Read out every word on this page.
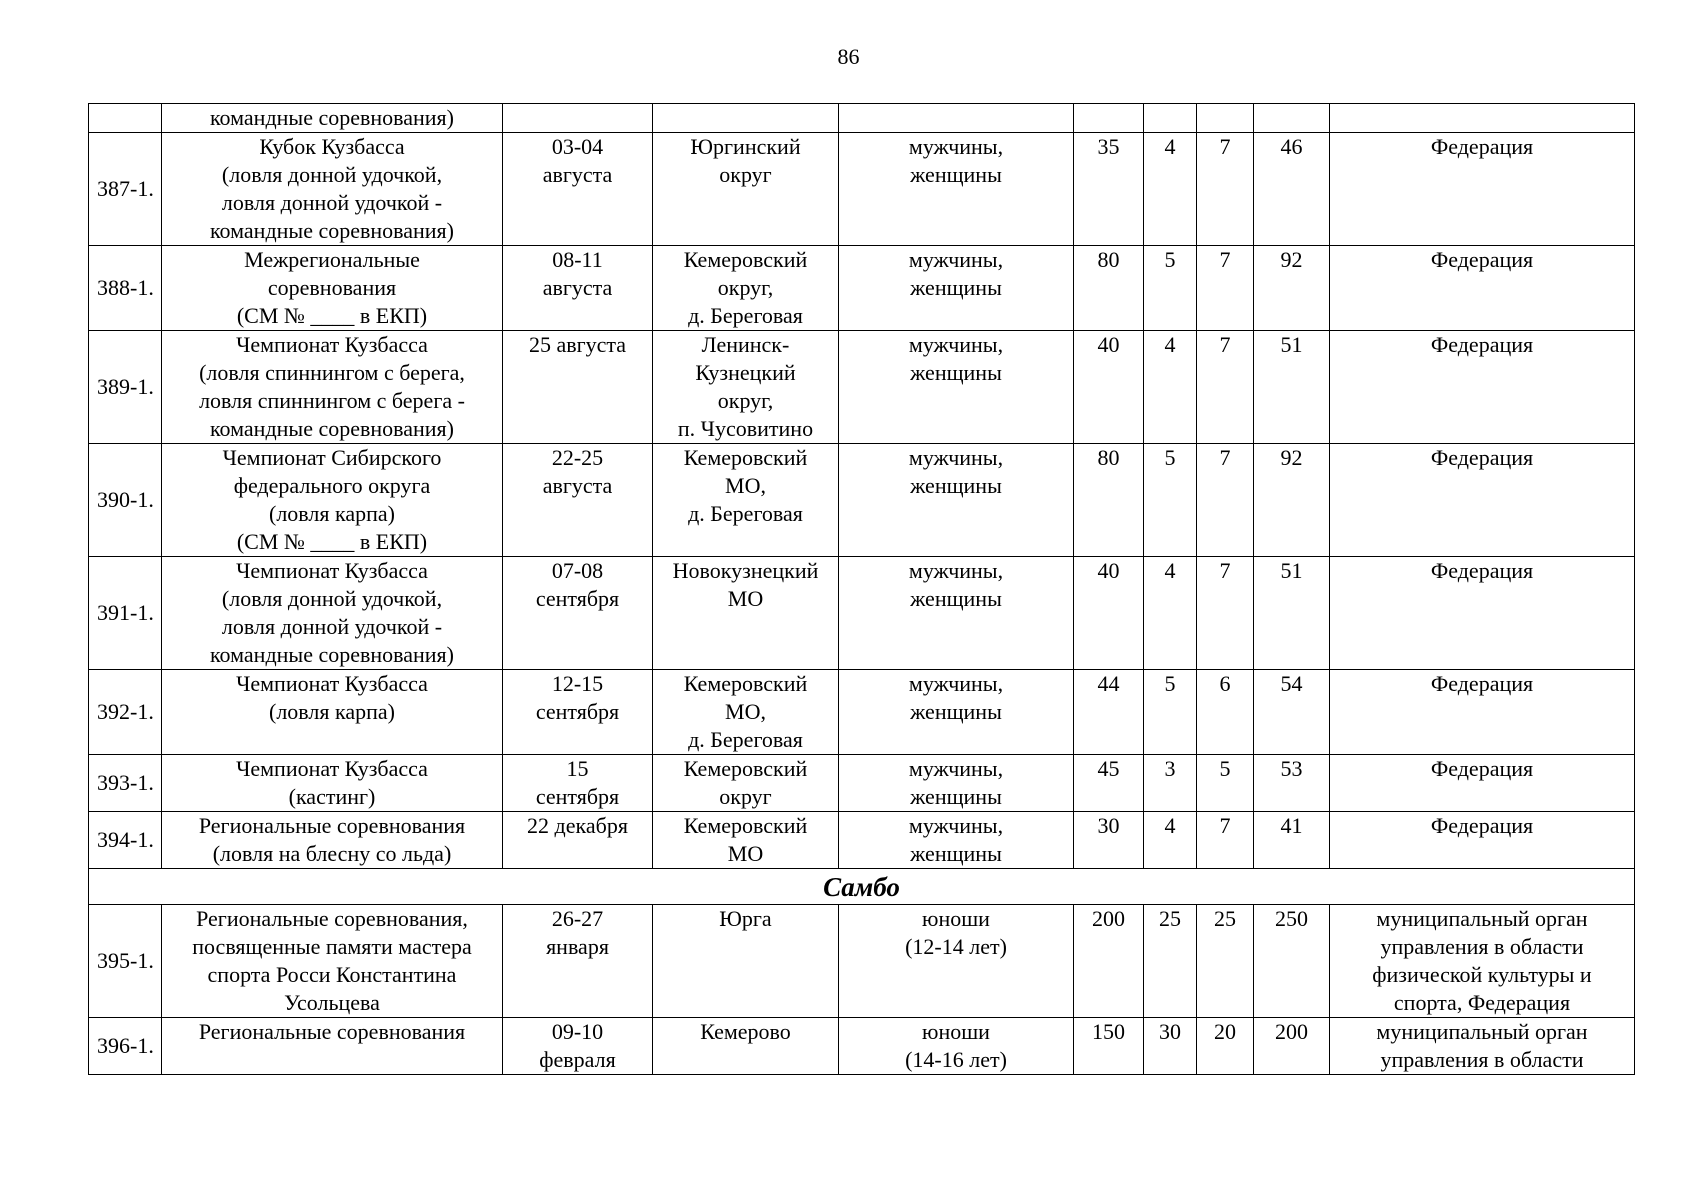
86
	командные соревнования)								
387-1.	Кубок Кузбасса
(ловля донной удочкой,
ловля донной удочкой -
командные соревнования)	03-04
августа	Юргинский
округ	мужчины,
женщины	35	4	7	46	Федерация
388-1.	Межрегиональные
соревнования
(СМ № ____ в ЕКП)	08-11
августа	Кемеровский
округ,
д. Береговая	мужчины,
женщины	80	5	7	92	Федерация
389-1.	Чемпионат Кузбасса
(ловля спиннингом с берега,
ловля спиннингом с берега -
командные соревнования)	25 августа	Ленинск-
Кузнецкий
округ,
п. Чусовитино	мужчины,
женщины	40	4	7	51	Федерация
390-1.	Чемпионат Сибирского
федерального округа
(ловля карпа)
(СМ № ____ в ЕКП)	22-25
августа	Кемеровский
МО,
д. Береговая	мужчины,
женщины	80	5	7	92	Федерация
391-1.	Чемпионат Кузбасса
(ловля донной удочкой,
ловля донной удочкой -
командные соревнования)	07-08
сентября	Новокузнецкий
МО	мужчины,
женщины	40	4	7	51	Федерация
392-1.	Чемпионат Кузбасса
(ловля карпа)	12-15
сентября	Кемеровский
МО,
д. Береговая	мужчины,
женщины	44	5	6	54	Федерация
393-1.	Чемпионат Кузбасса
(кастинг)	15
сентября	Кемеровский
округ	мужчины,
женщины	45	3	5	53	Федерация
394-1.	Региональные соревнования
(ловля на блесну со льда)	22 декабря	Кемеровский
МО	мужчины,
женщины	30	4	7	41	Федерация
Самбо									
395-1.	Региональные соревнования,
посвященные памяти мастера
спорта Росси Константина
Усольцева	26-27
января	Юрга	юноши
(12-14 лет)	200	25	25	250	муниципальный орган
управления в области
физической культуры и
спорта, Федерация
396-1.	Региональные соревнования	09-10
февраля	Кемерово	юноши
(14-16 лет)	150	30	20	200	муниципальный орган
управления в области
